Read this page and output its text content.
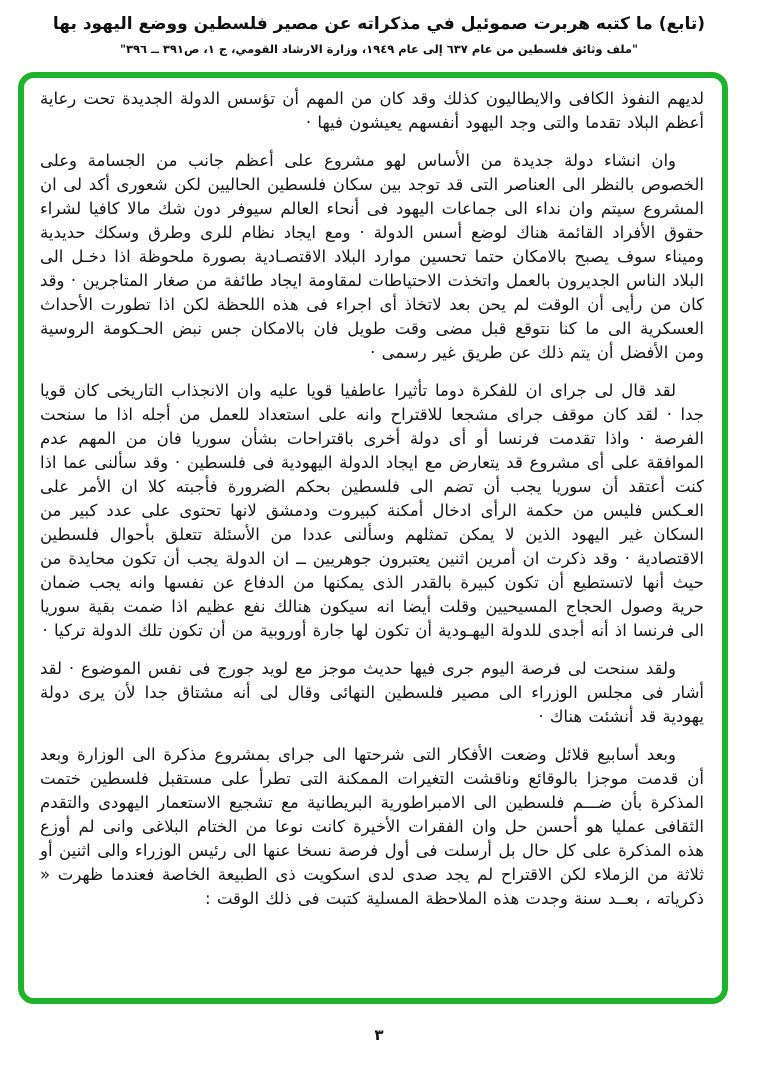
(تابع) ما كتبه هربرت صموئيل في مذكراته عن مصير فلسطين ووضع اليهود بها
"ملف وثائق فلسطين من عام ٦٣٧ إلى عام ١٩٤٩، وزارة الارشاد القومي، ج ١، ص٣٩١ ــ ٣٩٦"

لديهم النفوذ الكافى والايطاليون كذلك وقد كان من المهم أن تؤسس الدولة الجديدة تحت رعاية أعظم البلاد تقدما والتى وجد اليهود أنفسهم يعيشون فيها ·

وان انشاء دولة جديدة من الأساس لهو مشروع على أعظم جانب من الجسامة وعلى الخصوص بالنظر الى العناصر التى قد توجد بين سكان فلسطين الحاليين لكن شعورى أكد لى ان المشروع سيتم وان نداء الى جماعات اليهود فى أنحاء العالم سيوفر دون شك مالا كافيا لشراء حقوق الأفراد القائمة هناك لوضع أسس الدولة · ومع ايجاد نظام للرى وطرق وسكك حديدية وميناء سوف يصبح بالامكان حتما تحسين موارد البلاد الاقتصـادية بصورة ملحوظة اذا دخـل الى البلاد الناس الجديرون بالعمل واتخذت الاحتياطات لمقاومة ايجاد طائفة من صغار المتاجرين · وقد كان من رأيى أن الوقت لم يحن بعد لاتخاذ أى اجراء فى هذه اللحظة لكن اذا تطورت الأحداث العسكرية الى ما كنا نتوقع قبل مضى وقت طويل فان بالامكان جس نبض الحـكومة الروسية ومن الأفضل أن يتم ذلك عن طريق غير رسمى ·

لقد قال لى جراى ان للفكرة دوما تأثيرا عاطفيا قويا عليه وان الانجذاب التاريخى كان قويا جدا · لقد كان موقف جراى مشجعا للاقتراح وانه على استعداد للعمل من أجله اذا ما سنحت الفرصة · واذا تقدمت فرنسا أو أى دولة أخرى باقتراحات بشأن سوريا فان من المهم عدم الموافقة على أى مشروع قد يتعارض مع ايجاد الدولة اليهودية فى فلسطين · وقد سألنى عما اذا كنت أعتقد أن سوريا يجب أن تضم الى فلسطين بحكم الضرورة فأجبته كلا ان الأمر على العـكس فليس من حكمة الرأى ادخال أمكنة كبيروت ودمشق لانها تحتوى على عدد كبير من السكان غير اليهود الذين لا يمكن تمثلهم وسألنى عددا من الأسئلة تتعلق بأحوال فلسطين الاقتصادية · وقد ذكرت ان أمرين اثنين يعتبرون جوهريين ــ ان الدولة يجب أن تكون محايدة من حيث أنها لاتستطيع أن تكون كبيرة بالقدر الذى يمكنها من الدفاع عن نفسها وانه يجب ضمان حرية وصول الحجاج المسيحيين وقلت أيضا انه سيكون هنالك نفع عظيم اذا ضمت بقية سوريا الى فرنسا اذ أنه أجدى للدولة اليهـودية أن تكون لها جارة أوروبية من أن تكون تلك الدولة تركيا ·

ولقد سنحت لى فرصة اليوم جرى فيها حديث موجز مع لويد جورج فى نفس الموضوع · لقد أشار فى مجلس الوزراء الى مصير فلسطين النهائى وقال لى أنه مشتاق جدا لأن يرى دولة يهودية قد أنشئت هناك ·

وبعد أسابيع قلائل وضعت الأفكار التى شرحتها الى جراى بمشروع مذكرة الى الوزارة وبعد أن قدمت موجزا بالوقائع وناقشت التغيرات الممكنة التى تطرأ على مستقبل فلسطين ختمت المذكرة بأن ضـــم فلسطين الى الامبراطورية البريطانية مع تشجيع الاستعمار اليهودى والتقدم الثقافى عمليا هو أحسن حل وان الفقرات الأخيرة كانت نوعا من الختام البلاغى وانى لم أوزع هذه المذكرة على كل حال بل أرسلت فى أول فرصة نسخا عنها الى رئيس الوزراء والى اثنين أو ثلاثة من الزملاء لكن الاقتراح لم يجد صدى لدى اسكويت ذى الطبيعة الخاصة فعندما ظهرت « ذكرياته ، بعــد سنة وجدت هذه الملاحظة المسلية كتبت فى ذلك الوقت :

٣
